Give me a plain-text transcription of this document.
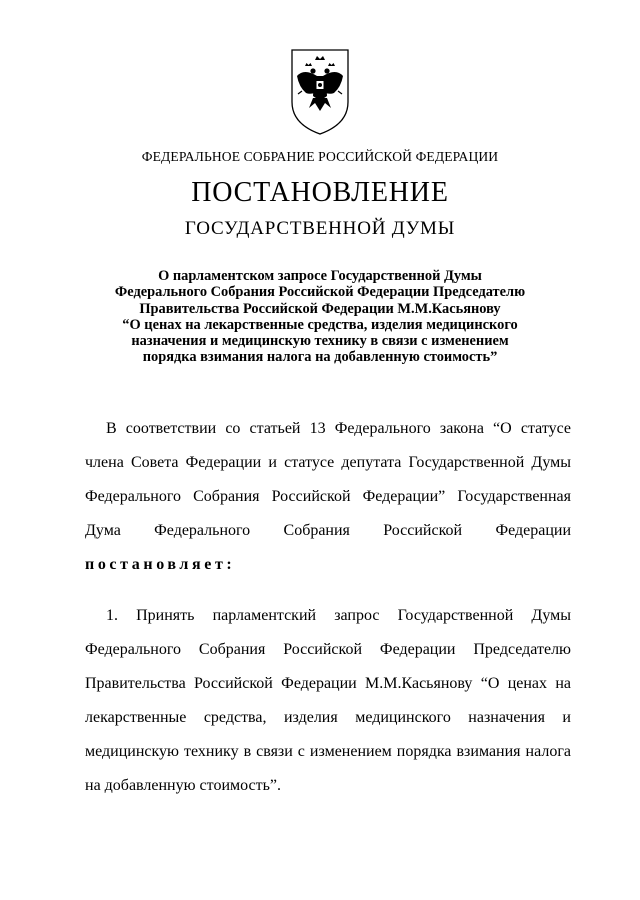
ФЕДЕРАЛЬНОЕ СОБРАНИЕ РОССИЙСКОЙ ФЕДЕРАЦИИ
ПОСТАНОВЛЕНИЕ
ГОСУДАРСТВЕННОЙ ДУМЫ
О парламентском запросе Государственной Думы
Федерального Собрания Российской Федерации Председателю
Правительства Российской Федерации М.М.Касьянову
“О ценах на лекарственные средства, изделия медицинского
назначения и медицинскую технику в связи с изменением
порядка взимания налога на добавленную стоимость”
В соответствии со статьей 13 Федерального закона “О статусе
члена Совета Федерации и статусе депутата Государственной Думы
Федерального Собрания Российской Федерации” Государственная
Дума Федерального Собрания Российской Федерации
постановляет:
1. Принять парламентский запрос Государственной Думы
Федерального Собрания Российской Федерации Председателю
Правительства Российской Федерации М.М.Касьянову “О ценах на
лекарственные средства, изделия медицинского назначения и
медицинскую технику в связи с изменением порядка взимания налога
на добавленную стоимость”.
